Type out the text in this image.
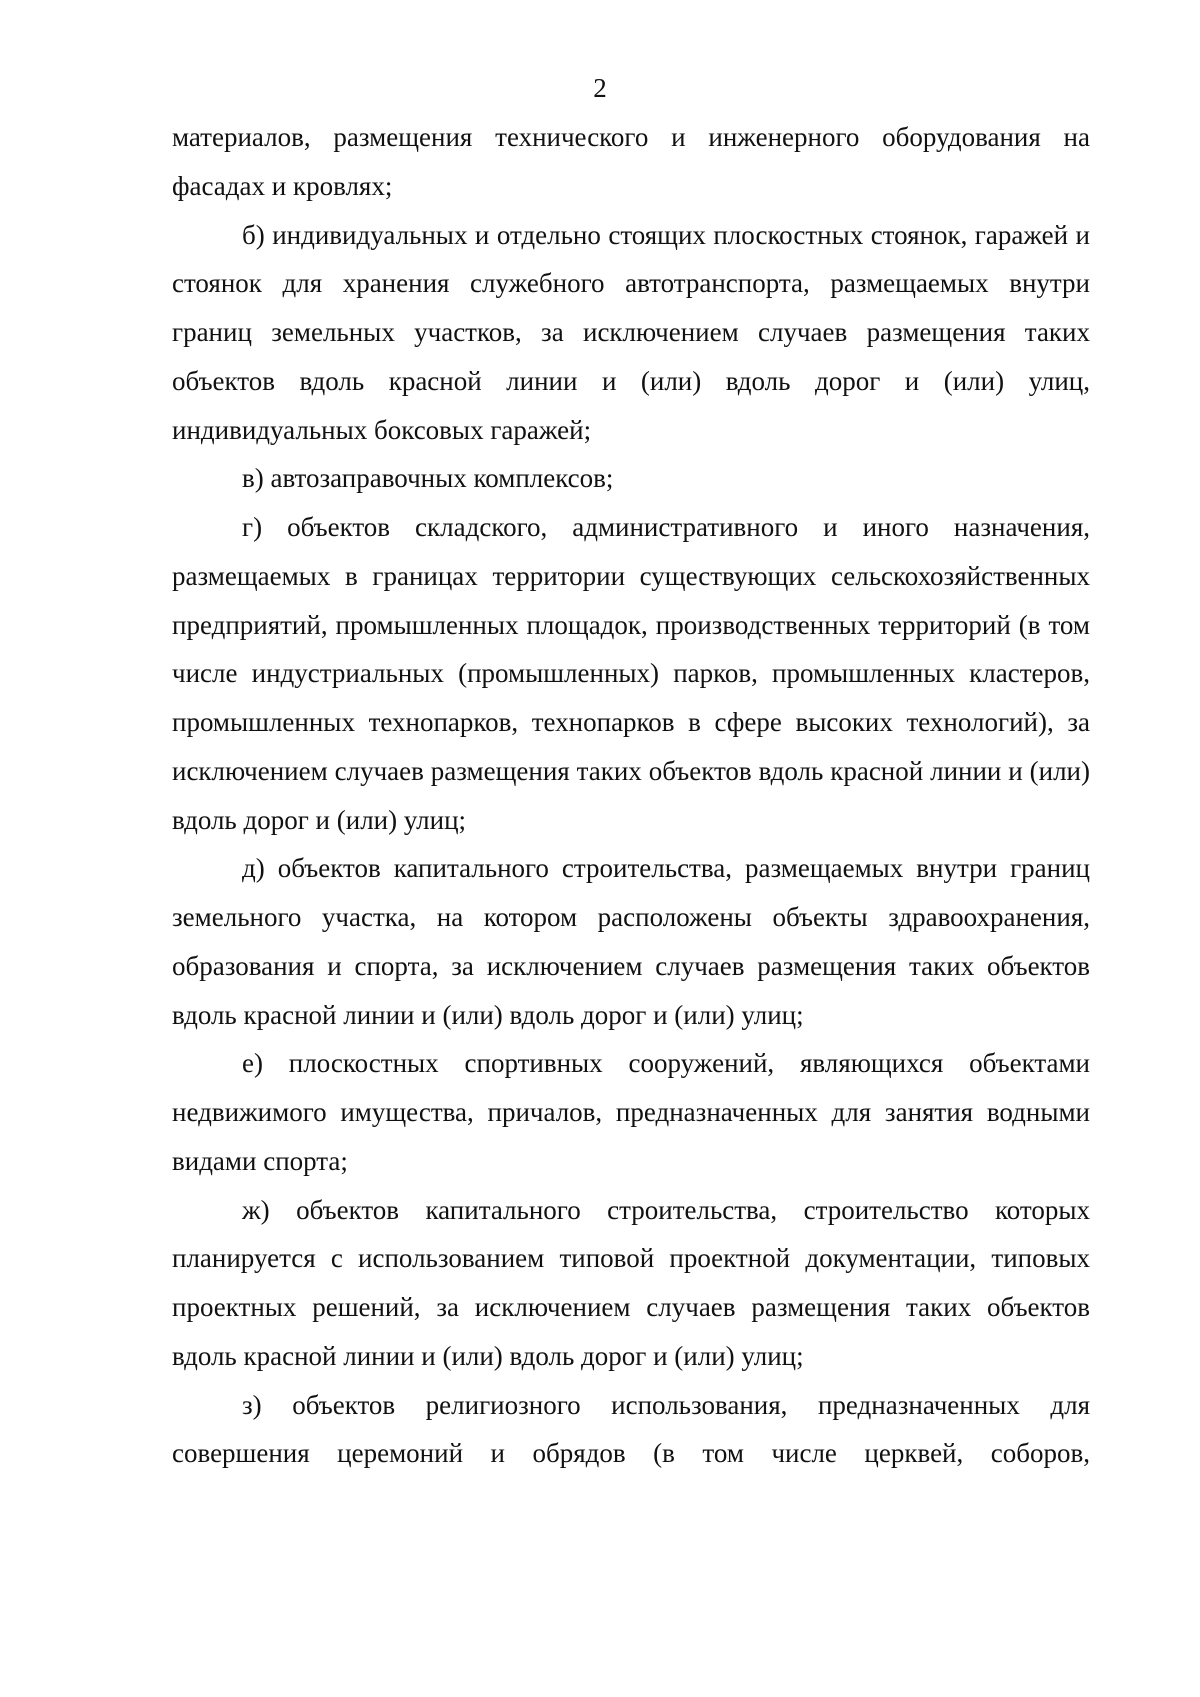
2

материалов, размещения технического и инженерного оборудования на фасадах и кровлях;

б) индивидуальных и отдельно стоящих плоскостных стоянок, гаражей и стоянок для хранения служебного автотранспорта, размещаемых внутри границ земельных участков, за исключением случаев размещения таких объектов вдоль красной линии и (или) вдоль дорог и (или) улиц, индивидуальных боксовых гаражей;

в) автозаправочных комплексов;

г) объектов складского, административного и иного назначения, размещаемых в границах территории существующих сельскохозяйственных предприятий, промышленных площадок, производственных территорий (в том числе индустриальных (промышленных) парков, промышленных кластеров, промышленных технопарков, технопарков в сфере высоких технологий), за исключением случаев размещения таких объектов вдоль красной линии и (или) вдоль дорог и (или) улиц;

д) объектов капитального строительства, размещаемых внутри границ земельного участка, на котором расположены объекты здравоохранения, образования и спорта, за исключением случаев размещения таких объектов вдоль красной линии и (или) вдоль дорог и (или) улиц;

е) плоскостных спортивных сооружений, являющихся объектами недвижимого имущества, причалов, предназначенных для занятия водными видами спорта;

ж) объектов капитального строительства, строительство которых планируется с использованием типовой проектной документации, типовых проектных решений, за исключением случаев размещения таких объектов вдоль красной линии и (или) вдоль дорог и (или) улиц;

з) объектов религиозного использования, предназначенных для совершения церемоний и обрядов (в том числе церквей, соборов,
